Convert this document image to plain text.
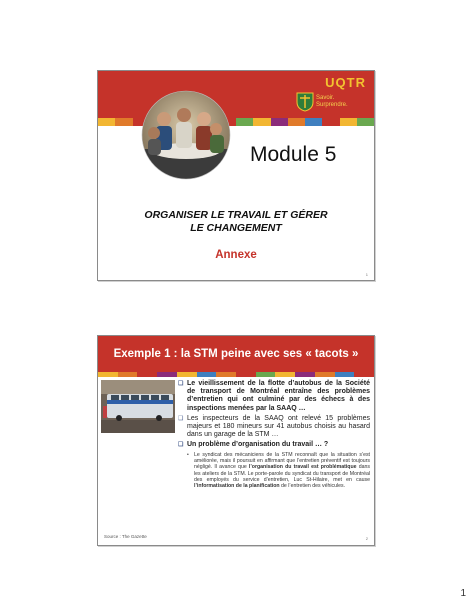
UQTR
Savoir. Surprendre.
Module 5
ORGANISER LE TRAVAIL ET GÉRER
LE CHANGEMENT
Annexe
1
Exemple 1 : la STM peine avec ses « tacots »
❑ Le vieillissement de la flotte d’autobus de la Société de transport de Montréal entraîne des problèmes d’entretien qui ont culminé par des échecs à des inspections menées par la SAAQ …
❑ Les inspecteurs de la SAAQ ont relevé 15 problèmes majeurs et 180 mineurs sur 41 autobus choisis au hasard dans un garage de la STM …
❑ Un problème d’organisation du travail … ?
• Le syndicat des mécaniciens de la STM reconnaît que la situation s’est améliorée, mais il poursuit en affirmant que l’entretien préventif est toujours négligé. Il avance que l’organisation du travail est problématique dans les ateliers de la STM. Le porte-parole du syndicat du transport de Montréal des employés du service d’entretien, Luc St-Hilaire, met en cause l’informatisation de la planification de l’entretien des véhicules.
Source : The Gazette	2
1
